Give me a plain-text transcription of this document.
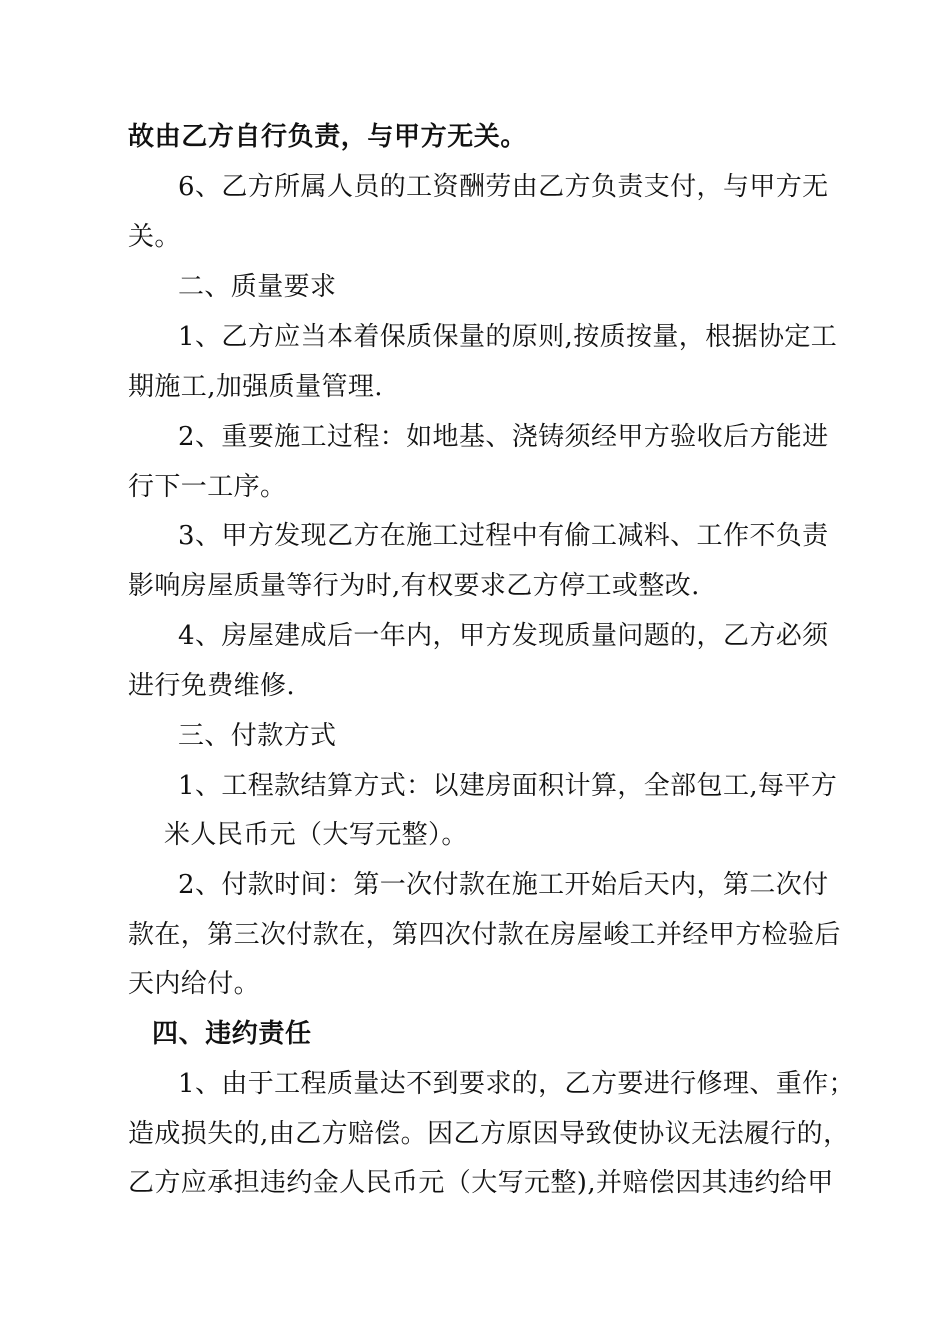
故由乙方自行负责，与甲方无关。
6、乙方所属人员的工资酬劳由乙方负责支付，与甲方无
关。
二、质量要求
1、乙方应当本着保质保量的原则,按质按量，根据协定工
期施工,加强质量管理.
2、重要施工过程：如地基、浇铸须经甲方验收后方能进
行下一工序。
3、甲方发现乙方在施工过程中有偷工减料、工作不负责
影响房屋质量等行为时,有权要求乙方停工或整改.
4、房屋建成后一年内，甲方发现质量问题的，乙方必须
进行免费维修.
三、付款方式
1、工程款结算方式：以建房面积计算，全部包工,每平方
米人民币元（大写元整）。
2、付款时间：第一次付款在施工开始后天内，第二次付
款在，第三次付款在，第四次付款在房屋峻工并经甲方检验后
天内给付。
四、违约责任
1、由于工程质量达不到要求的，乙方要进行修理、重作；
造成损失的,由乙方赔偿。因乙方原因导致使协议无法履行的，
乙方应承担违约金人民币元（大写元整),并赔偿因其违约给甲
